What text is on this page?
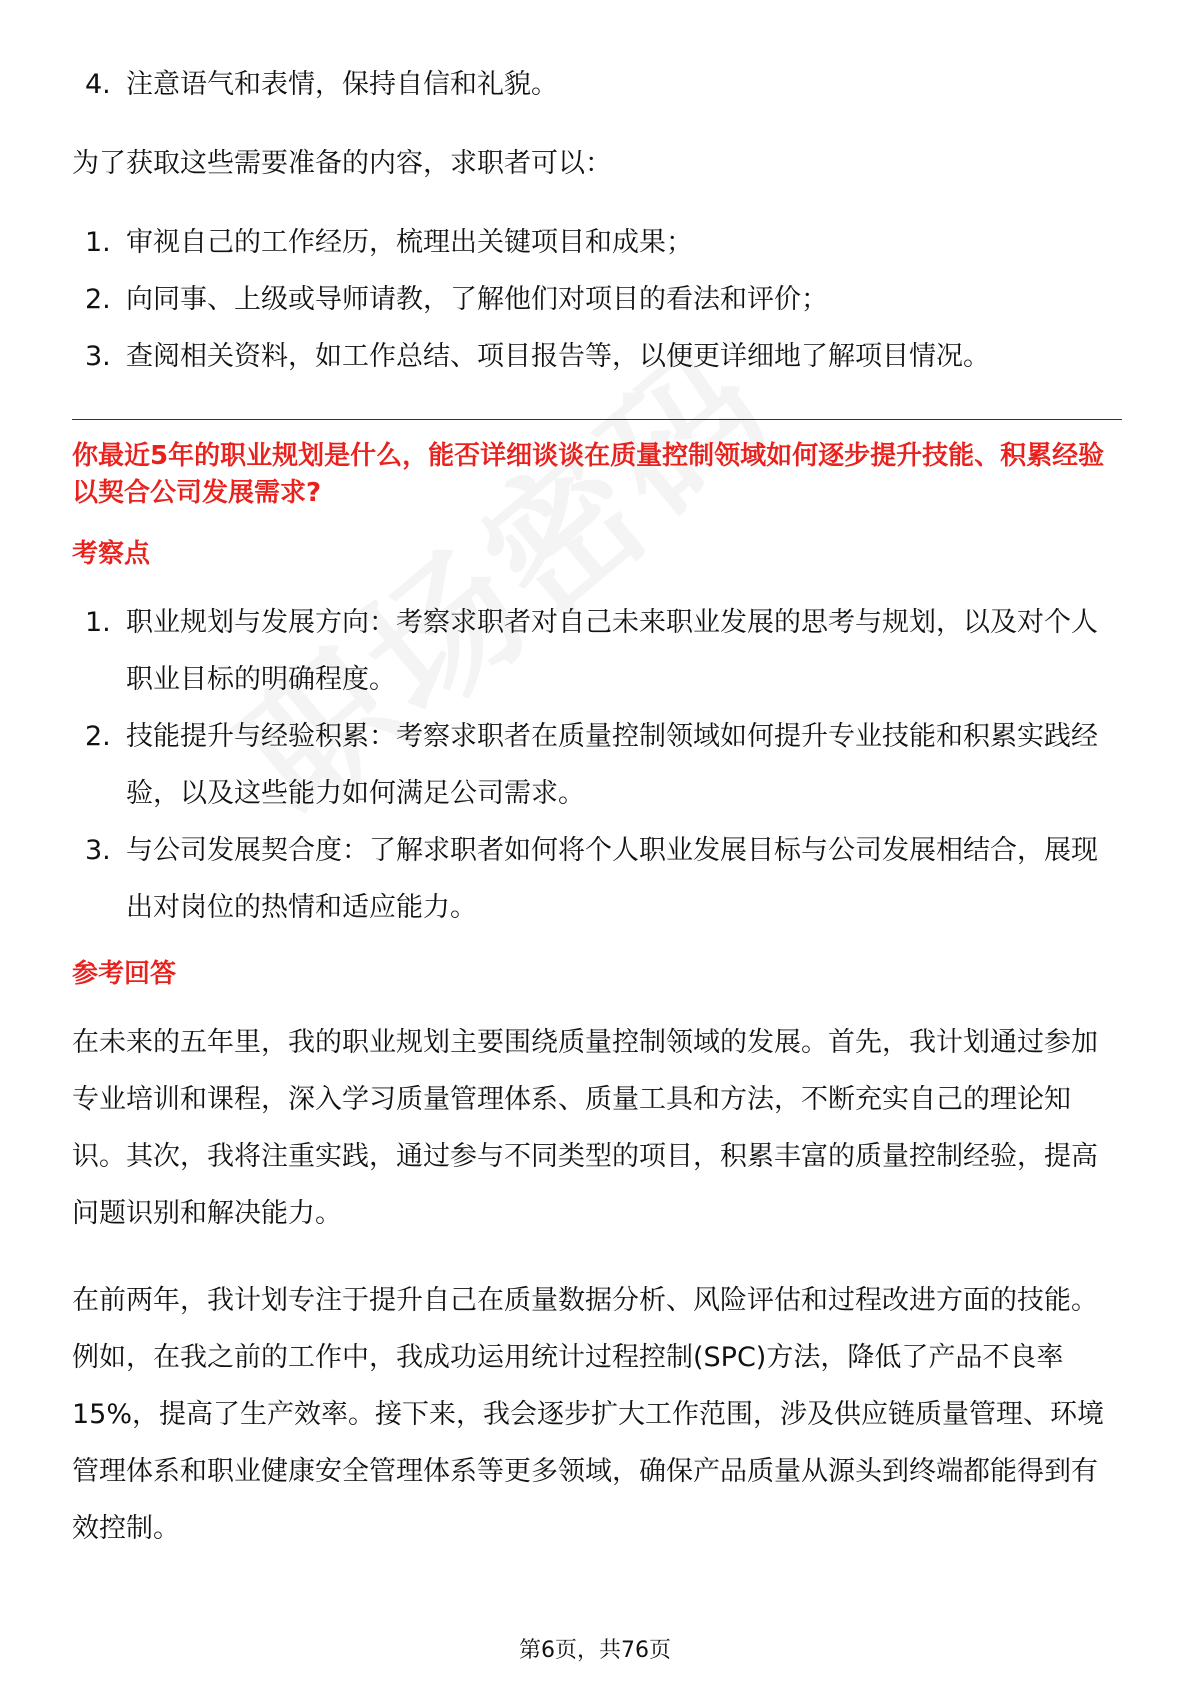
4. 注意语气和表情，保持自信和礼貌。

为了获取这些需要准备的内容，求职者可以：

1. 审视自己的工作经历，梳理出关键项目和成果；
2. 向同事、上级或导师请教，了解他们对项目的看法和评价；
3. 查阅相关资料，如工作总结、项目报告等，以便更详细地了解项目情况。

你最近5年的职业规划是什么，能否详细谈谈在质量控制领域如何逐步提升技能、积累经验以契合公司发展需求?

考察点

1. 职业规划与发展方向：考察求职者对自己未来职业发展的思考与规划，以及对个人职业目标的明确程度。
2. 技能提升与经验积累：考察求职者在质量控制领域如何提升专业技能和积累实践经验，以及这些能力如何满足公司需求。
3. 与公司发展契合度：了解求职者如何将个人职业发展目标与公司发展相结合，展现出对岗位的热情和适应能力。

参考回答

在未来的五年里，我的职业规划主要围绕质量控制领域的发展。首先，我计划通过参加专业培训和课程，深入学习质量管理体系、质量工具和方法，不断充实自己的理论知识。其次，我将注重实践，通过参与不同类型的项目，积累丰富的质量控制经验，提高问题识别和解决能力。

在前两年，我计划专注于提升自己在质量数据分析、风险评估和过程改进方面的技能。例如，在我之前的工作中，我成功运用统计过程控制(SPC)方法，降低了产品不良率15%，提高了生产效率。接下来，我会逐步扩大工作范围，涉及供应链质量管理、环境管理体系和职业健康安全管理体系等更多领域，确保产品质量从源头到终端都能得到有效控制。

第6页，共76页
